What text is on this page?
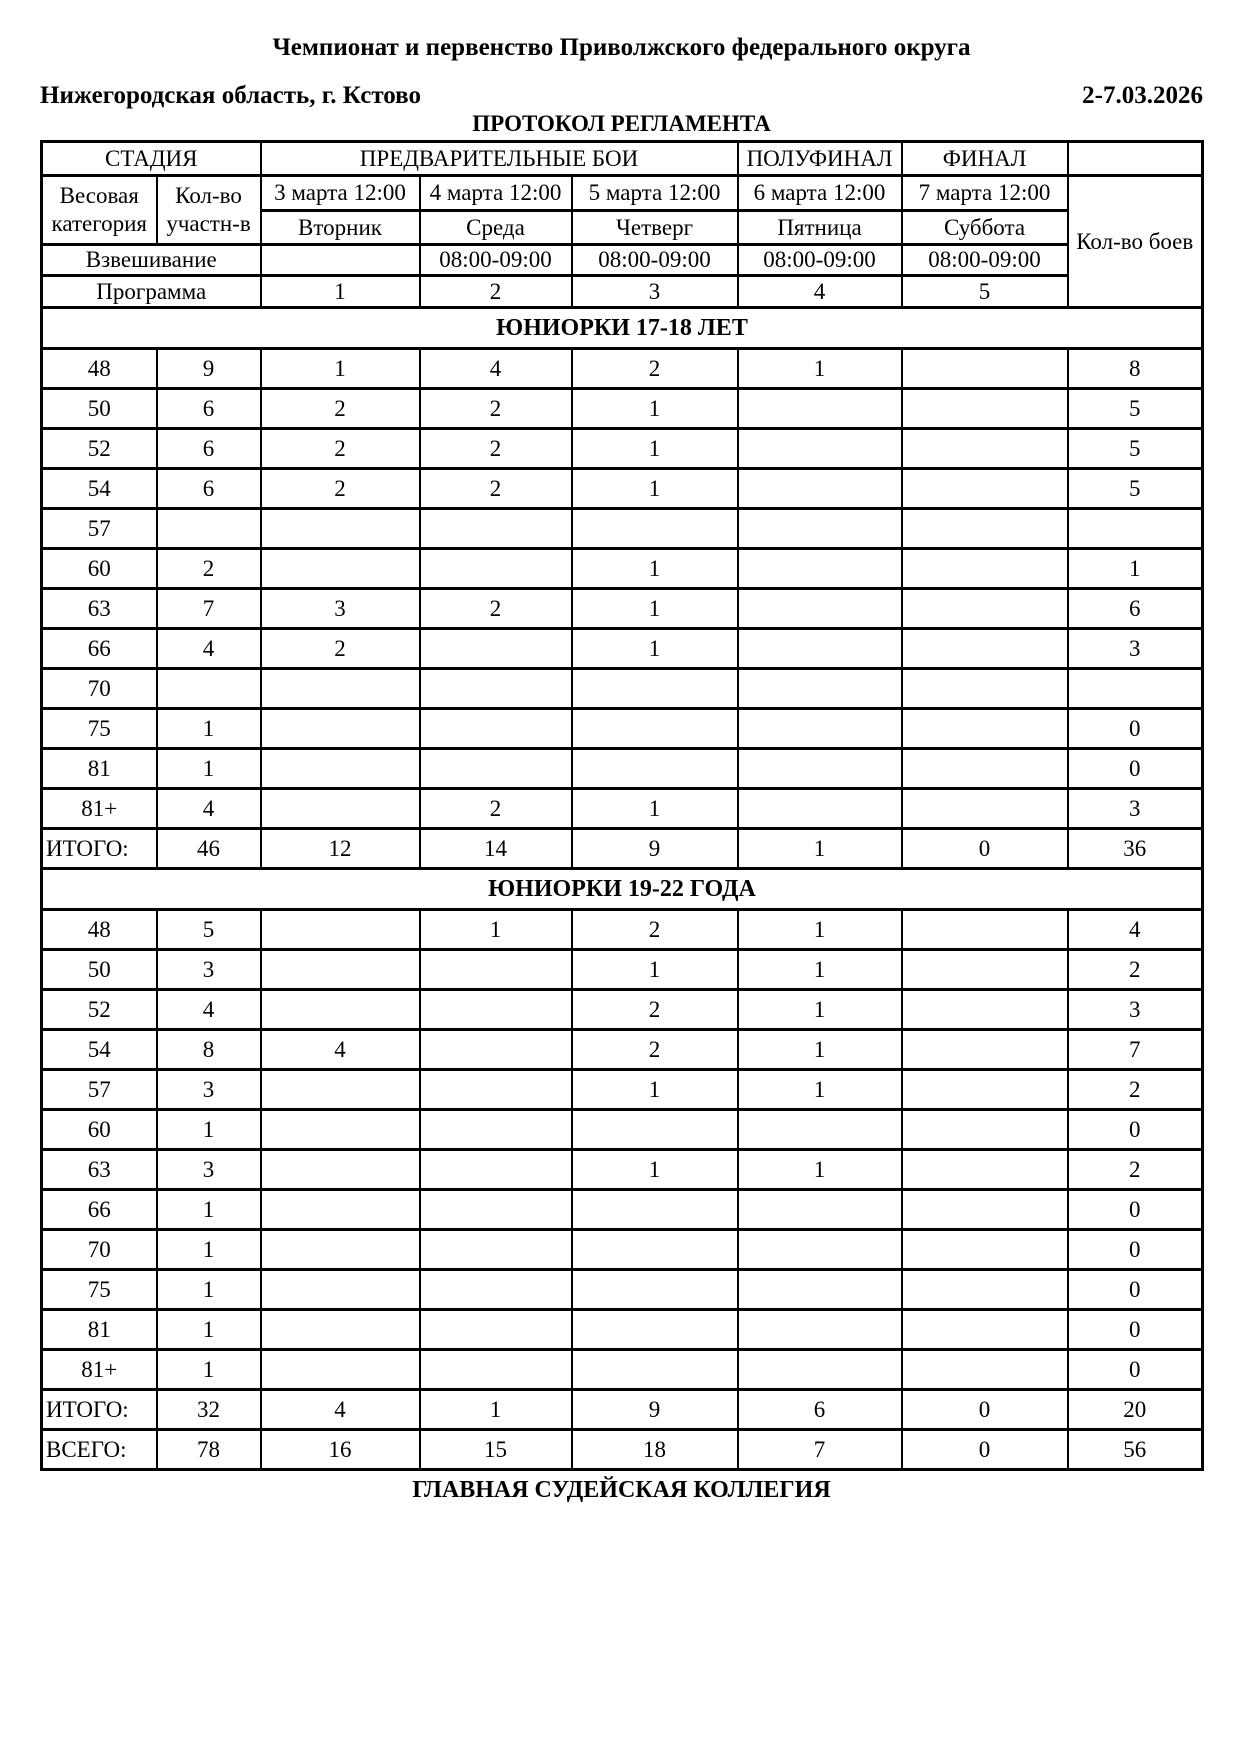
Чемпионат и первенство Приволжского федерального округа
Нижегородская область, г. Кстово	2-7.03.2026
ПРОТОКОЛ РЕГЛАМЕНТА
СТАДИЯ		ПРЕДВАРИТЕЛЬНЫЕ БОИ			ПОЛУФИНАЛ	ФИНАЛ	
Весовая категория	Кол-во участн-в	3 марта 12:00	4 марта 12:00	5 марта 12:00	6 марта 12:00	7 марта 12:00	Кол-во боев
		Вторник	Среда	Четверг	Пятница	Суббота	
Взвешивание			08:00-09:00	08:00-09:00	08:00-09:00	08:00-09:00	
Программа		1	2	3	4	5	
ЮНИОРКИ 17-18 ЛЕТ							
48	9	1	4	2	1		8
50	6	2	2	1			5
52	6	2	2	1			5
54	6	2	2	1			5
57							
60	2			1			1
63	7	3	2	1			6
66	4	2		1			3
70							
75	1						0
81	1						0
81+	4		2	1			3
ИТОГО:	46	12	14	9	1	0	36
ЮНИОРКИ 19-22 ГОДА							
48	5		1	2	1		4
50	3			1	1		2
52	4			2	1		3
54	8	4		2	1		7
57	3			1	1		2
60	1						0
63	3			1	1		2
66	1						0
70	1						0
75	1						0
81	1						0
81+	1						0
ИТОГО:	32	4	1	9	6	0	20
ВСЕГО:	78	16	15	18	7	0	56
ГЛАВНАЯ СУДЕЙСКАЯ КОЛЛЕГИЯ
